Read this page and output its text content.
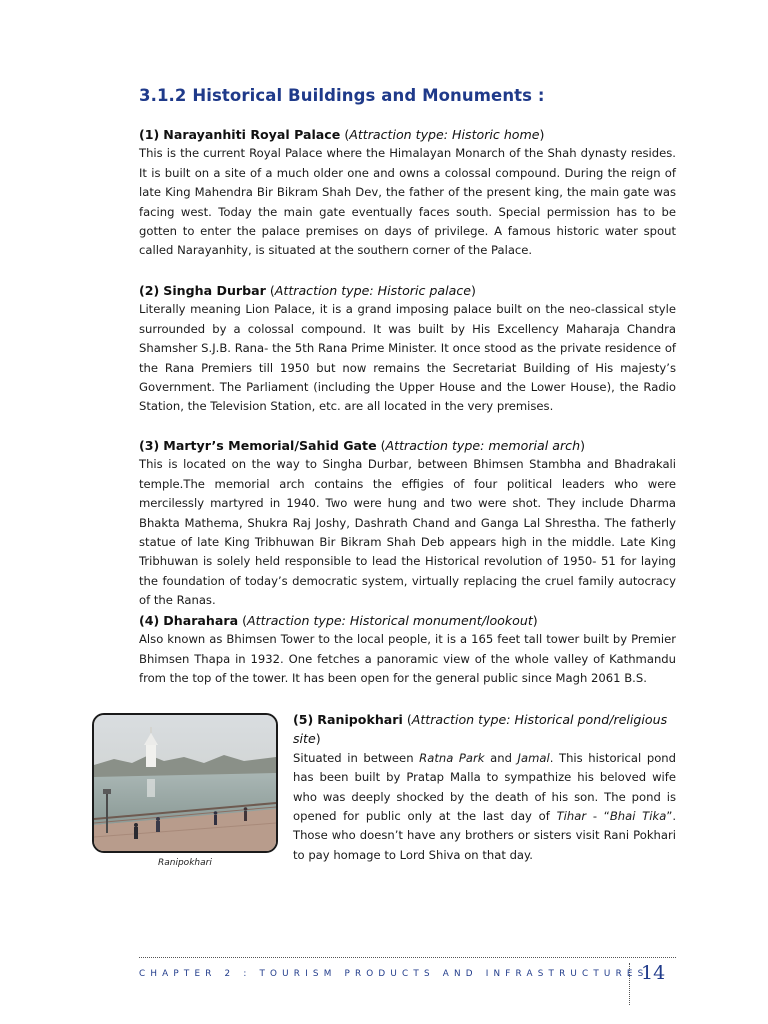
3.1.2 Historical Buildings and Monuments :

(1) Narayanhiti Royal Palace (Attraction type: Historic home)

This is the current Royal Palace where the Himalayan Monarch of the Shah dynasty resides. It is built on a site of a much older one and owns a colossal compound. During the reign of late King Mahendra Bir Bikram Shah Dev, the father of the present king, the main gate was facing west. Today the main gate eventually faces south. Special permission has to be gotten to enter the palace premises on days of privilege. A famous historic water spout called Narayanhity, is situated at the southern corner of the Palace.

(2) Singha Durbar (Attraction type: Historic palace)

Literally meaning Lion Palace, it is a grand imposing palace built on the neo-classical style surrounded by a colossal compound. It was built by His Excellency Maharaja Chandra Shamsher S.J.B. Rana- the 5th Rana Prime Minister. It once stood as the private residence of the Rana Premiers till 1950 but now remains the Secretariat Building of His majesty’s Government. The Parliament (including the Upper House and the Lower House), the Radio Station, the Television Station, etc. are all located in the very premises.

(3) Martyr’s Memorial/Sahid Gate (Attraction type: memorial arch)

This is located on the way to Singha Durbar, between Bhimsen Stambha and Bhadrakali temple.The memorial arch contains the effigies of four political leaders who were mercilessly martyred in 1940. Two were hung and two were shot. They include Dharma Bhakta Mathema, Shukra Raj Joshy, Dashrath Chand and Ganga Lal Shrestha. The fatherly statue of late King Tribhuwan Bir Bikram Shah Deb appears high in the middle. Late King Tribhuwan is solely held responsible to lead the Historical revolution of 1950- 51 for laying the foundation of today’s democratic system, virtually replacing the cruel family autocracy of the Ranas.

(4) Dharahara (Attraction type: Historical monument/lookout)

Also known as Bhimsen Tower to the local people, it is a 165 feet tall tower built by Premier Bhimsen Thapa in 1932. One fetches a panoramic view of the whole valley of Kathmandu from the top of the tower. It has been open for the general public since Magh 2061 B.S.

Ranipokhari

(5) Ranipokhari (Attraction type: Historical pond/religious site)

Situated in between Ratna Park and Jamal. This historical pond has been built by Pratap Malla to sympathize his beloved wife who was deeply shocked by the death of his son. The pond is opened for public only at the last day of Tihar - “Bhai Tika”. Those who doesn’t have any brothers or sisters visit Rani Pokhari to pay homage to Lord Shiva on that day.

CHAPTER 2 : TOURISM PRODUCTS AND INFRASTRUCTURES
14
